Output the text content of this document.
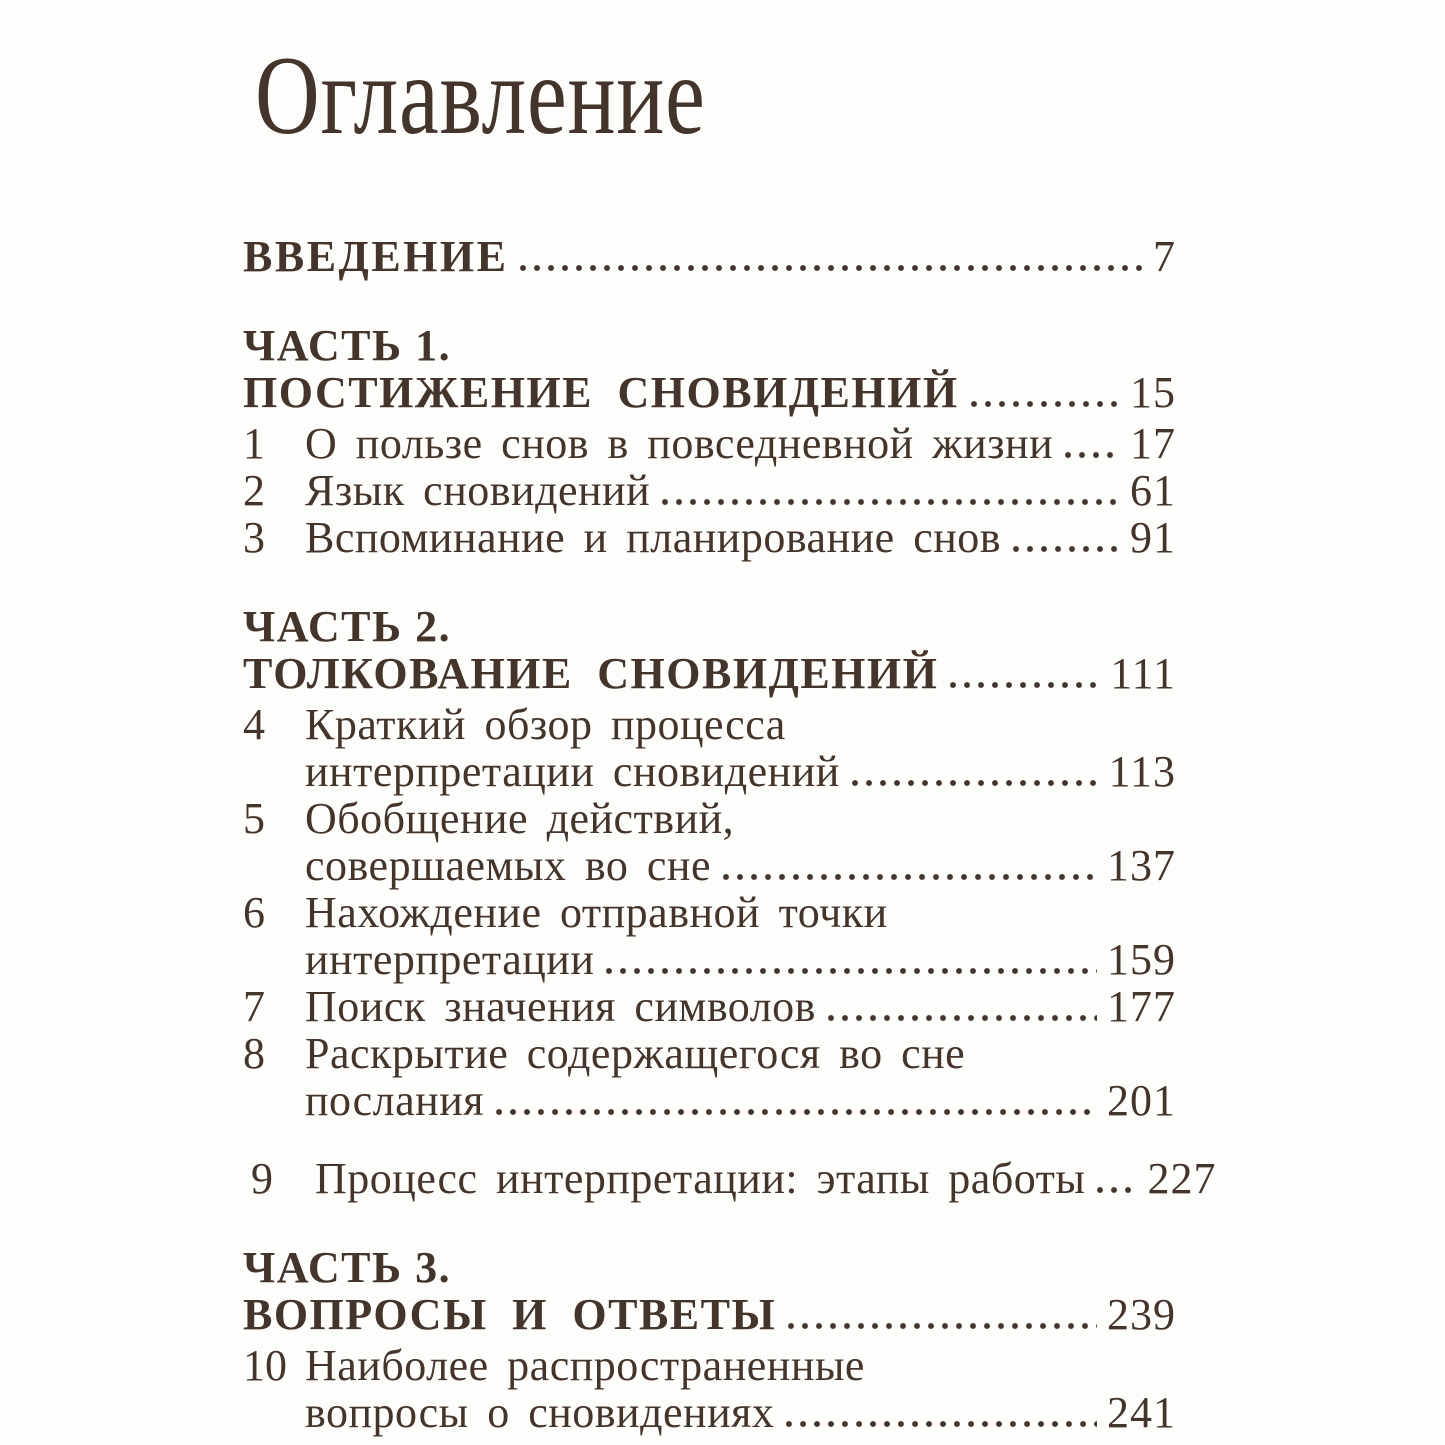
Оглавление
ВВЕДЕНИЕ	7
ЧАСТЬ 1.
ПОСТИЖЕНИЕ СНОВИДЕНИЙ	15
1 О пользе снов в повседневной жизни 17
2 Язык сновидений	61
3 Вспоминание и планирование снов	91
ЧАСТЬ 2.
ТОЛКОВАНИЕ СНОВИДЕНИЙ	111
4 Краткий обзор процесса
интерпретации сновидений	113
5 Обобщение действий,
совершаемых во сне	137
6 Нахождение отправной точки
интерпретации	159
7 Поиск значения символов	177
8 Раскрытие содержащегося во сне
послания	201
9 Процесс интерпретации: этапы работы 227
ЧАСТЬ 3.
ВОПРОСЫ И ОТВЕТЫ	239
10 Наиболее распространенные
вопросы о сновидениях	241
